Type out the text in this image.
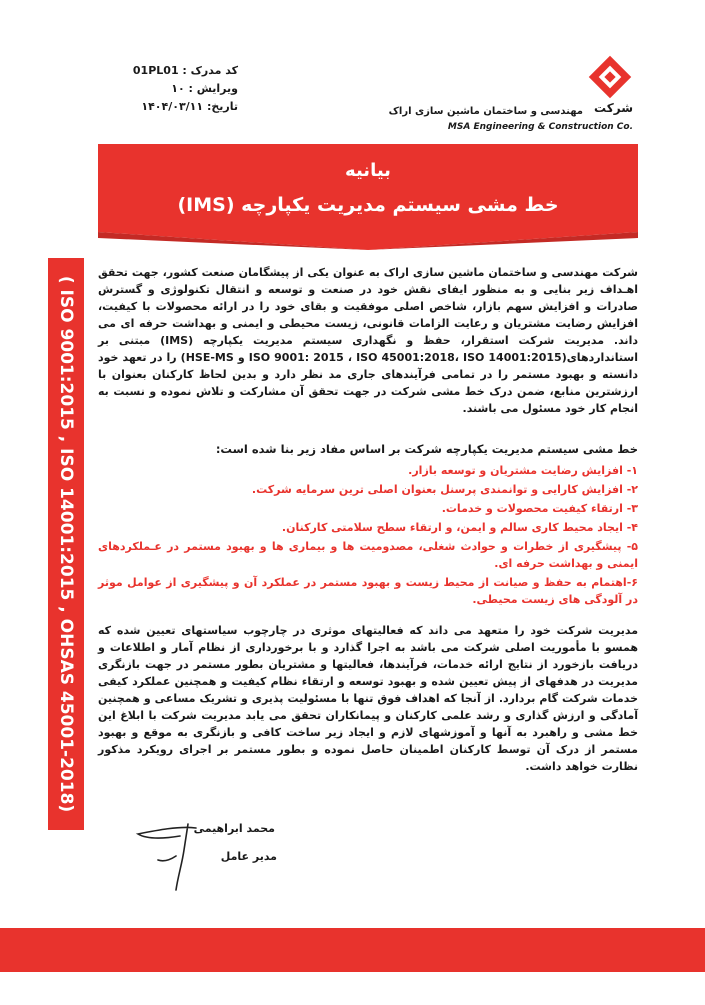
کد مدرک : 01PL01
ویرایش : ۱۰
تاریخ: ۱۴۰۴/۰۳/۱۱	شرکت
مهندسی و ساختمان ماشین سازی اراک
MSA Engineering & Construction Co.
بیانیه
خط مشی سیستم مدیریت یکپارچه (IMS)
( ISO 9001:2015 , ISO 14001:2015 , OHSAS 45001-2018)

شرکت مهندسی و ساختمان ماشین سازی اراک به عنوان یکی از پیشگامان صنعت کشور، جهت تحقق اهـداف زیر بنایی و به منظور ایفای نقش خود در صنعت و توسعه و انتقال تکنولوژی و گسترش صادرات و افزایش سهم بازار، شاخص اصلی موفقیت و بقای خود را در ارائه محصولات با کیفیت، افزایش رضایت مشتریان و رعایت الزامات قانونی، زیست محیطی و ایمنی و بهداشت حرفه ای می داند. مدیریت شرکت استقرار، حفظ و نگهداری سیستم مدیریت یکپارچه (IMS) مبتنی بر استانداردهای(ISO 9001: 2015 ، ISO 45001:2018، ISO 14001:2015 و HSE-MS) را در تعهد خود دانسته و بهبود مستمر را در تمامی فرآیندهای جاری مد نظر دارد و بدین لحاظ کارکنان بعنوان با ارزشترین منابع، ضمن درک خط مشی شرکت در جهت تحقق آن مشارکت و تلاش نموده و نسبت به انجام کار خود مسئول می باشند.

خط مشی سیستم مدیریت یکپارچه شرکت بر اساس مفاد زیر بنا شده است:
۱- افزایش رضایت مشتریان و توسعه بازار.
۲- افزایش کارایی و توانمندی پرسنل بعنوان اصلی ترین سرمایه شرکت.
۳- ارتقاء کیفیت محصولات و خدمات.
۴- ایجاد محیط کاری سالم و ایمن، و ارتقاء سطح سلامتی کارکنان.
۵- پیشگیری از خطرات و حوادث شغلی، مصدومیت ها و بیماری ها و بهبود مستمر در عـملکردهای ایمنی و بهداشت حرفه ای.
۶-اهتمام به حفظ و صیانت از محیط زیست و بهبود مستمر در عملکرد آن و پیشگیری از عوامل موثر در آلودگی های زیست محیطی.

مدیریت شرکت خود را متعهد می داند که فعالیتهای موثری در چارچوب سیاستهای تعیین شده که همسو با مأموریت اصلی شرکت می باشد به اجرا گذارد و با برخورداری از نظام آمار و اطلاعات و دریافت بازخورد از نتایج ارائه خدمات، فرآیندها، فعالیتها و مشتریان بطور مستمر در جهت بازنگری مدیریت در هدفهای از پیش تعیین شده و بهبود توسعه و ارتقاء نظام کیفیت و همچنین عملکرد کیفی خدمات شرکت گام بردارد. از آنجا که اهداف فوق تنها با مسئولیت پذیری و تشریک مساعی و همچنین آمادگی و ارزش گذاری و رشد علمی کارکنان و پیمانکاران تحقق می یابد مدیریت شرکت با ابلاغ این خط مشی و راهبرد به آنها و آموزشهای لازم و ایجاد زیر ساخت کافی و بازنگری به موقع و بهبود مستمر از درک آن توسط کارکنان اطمینان حاصل نموده و بطور مستمر بر اجرای رویکرد مذکور نظارت خواهد داشت.

محمد ابراهیمی
مدیر عامل
